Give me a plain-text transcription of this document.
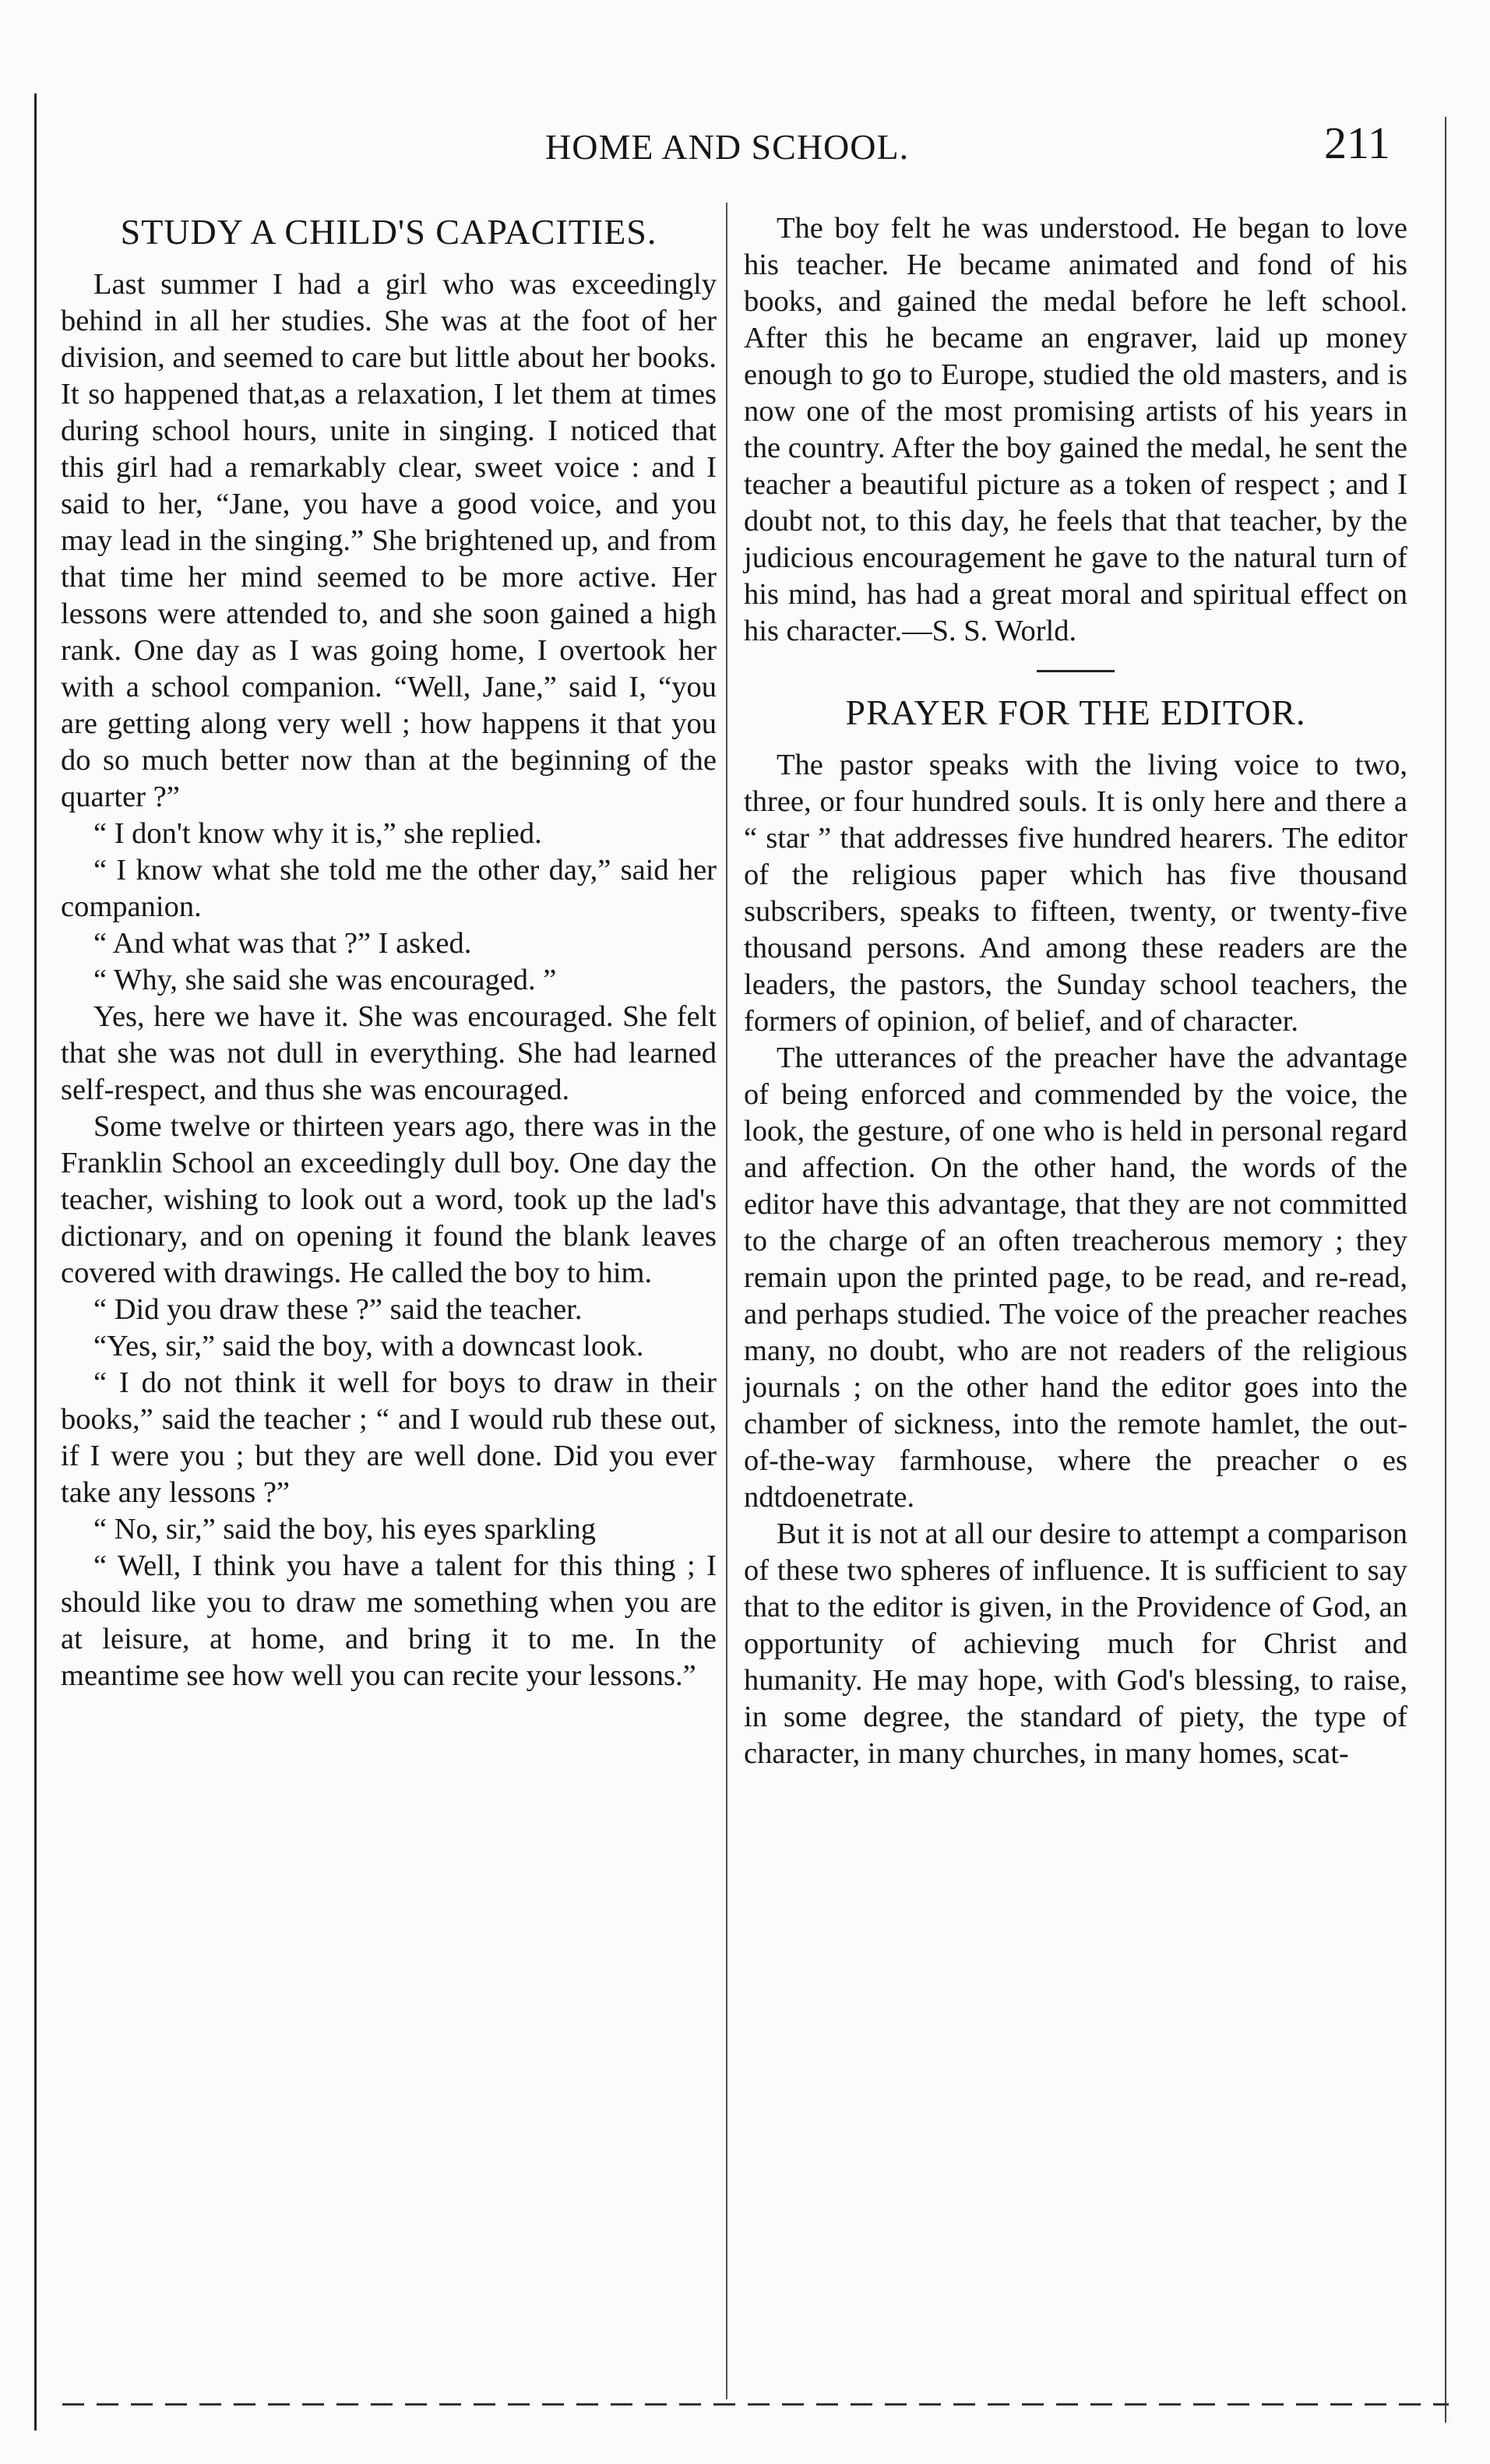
HOME AND SCHOOL.	211
STUDY A CHILD'S CAPACITIES.

Last summer I had a girl who was exceedingly behind in all her studies. She was at the foot of her division, and seemed to care but little about her books. It so happened that,as a relaxation, I let them at times during school hours, unite in singing. I noticed that this girl had a remarkably clear, sweet voice : and I said to her, “Jane, you have a good voice, and you may lead in the singing.” She brightened up, and from that time her mind seemed to be more active. Her lessons were attended to, and she soon gained a high rank. One day as I was going home, I overtook her with a school companion. “Well, Jane,” said I, “you are getting along very well ; how happens it that you do so much better now than at the beginning of the quarter ?”

“ I don't know why it is,” she replied.

“ I know what she told me the other day,” said her companion.

“ And what was that ?” I asked.

“ Why, she said she was encouraged. ”

Yes, here we have it. She was encouraged. She felt that she was not dull in everything. She had learned self-respect, and thus she was encouraged.

Some twelve or thirteen years ago, there was in the Franklin School an exceedingly dull boy. One day the teacher, wishing to look out a word, took up the lad's dictionary, and on opening it found the blank leaves covered with drawings. He called the boy to him.

“ Did you draw these ?” said the teacher.

“Yes, sir,” said the boy, with a downcast look.

“ I do not think it well for boys to draw in their books,” said the teacher ; “ and I would rub these out, if I were you ; but they are well done. Did you ever take any lessons ?”

“ No, sir,” said the boy, his eyes sparkling

“ Well, I think you have a talent for this thing ; I should like you to draw me something when you are at leisure, at home, and bring it to me. In the meantime see how well you can recite your lessons.”

The boy felt he was understood. He began to love his teacher. He became animated and fond of his books, and gained the medal before he left school. After this he became an engraver, laid up money enough to go to Europe, studied the old masters, and is now one of the most promising artists of his years in the country. After the boy gained the medal, he sent the teacher a beautiful picture as a token of respect ; and I doubt not, to this day, he feels that that teacher, by the judicious encouragement he gave to the natural turn of his mind, has had a great moral and spiritual effect on his character.—S. S. World.

PRAYER FOR THE EDITOR.

The pastor speaks with the living voice to two, three, or four hundred souls. It is only here and there a “ star ” that addresses five hundred hearers. The editor of the religious paper which has five thousand subscribers, speaks to fifteen, twenty, or twenty-five thousand persons. And among these readers are the leaders, the pastors, the Sunday school teachers, the formers of opinion, of belief, and of character.

The utterances of the preacher have the advantage of being enforced and commended by the voice, the look, the gesture, of one who is held in personal regard and affection. On the other hand, the words of the editor have this advantage, that they are not committed to the charge of an often treacherous memory ; they remain upon the printed page, to be read, and re-read, and perhaps studied. The voice of the preacher reaches many, no doubt, who are not readers of the religious journals ; on the other hand the editor goes into the chamber of sickness, into the remote hamlet, the out-of-the-way farmhouse, where the preacher o es ndtdoenetrate.

But it is not at all our desire to attempt a comparison of these two spheres of influence. It is sufficient to say that to the editor is given, in the Providence of God, an opportunity of achieving much for Christ and humanity. He may hope, with God's blessing, to raise, in some degree, the standard of piety, the type of character, in many churches, in many homes, scat-
